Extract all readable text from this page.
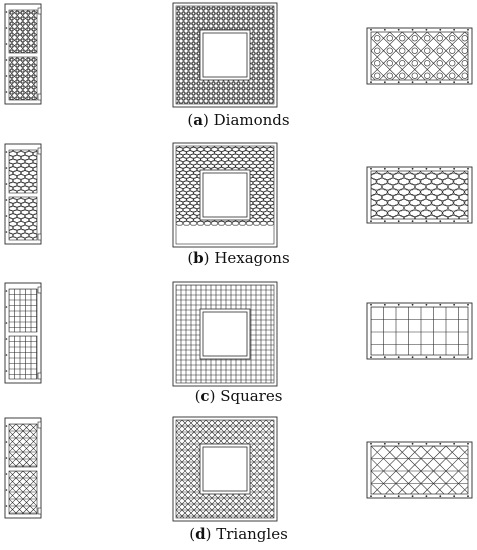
(a) Diamonds
(b) Hexagons
(c) Squares
(d) Triangles
